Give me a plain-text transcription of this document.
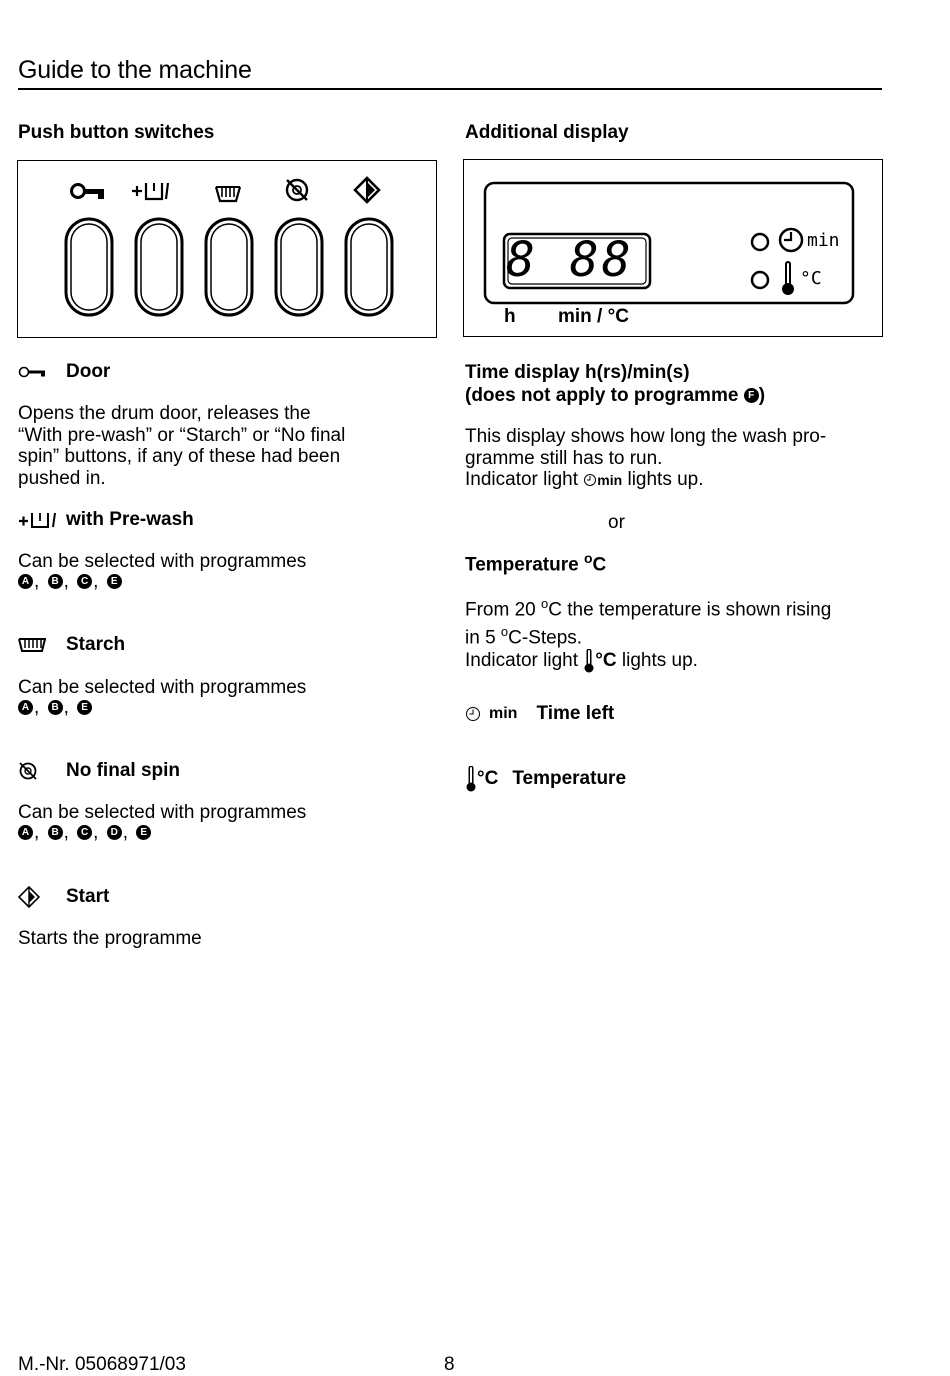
Guide to the machine
Push button switches	Additional display
8 88	min
°C
h min / °C
Door
Opens the drum door, releases the
“With pre-wash” or “Starch” or “No final
spin” buttons, if any of these had been
pushed in.
with Pre-wash
Can be selected with programmes
A , B , C , E
Starch
Can be selected with programmes
A , B , E
No final spin
Can be selected with programmes
A , B , C , D , E
Start
Starts the programme
Time display h(rs)/min(s)
(does not apply to programme F )
This display shows how long the wash pro-
gramme still has to run.
Indicator light min lights up.
or
Temperature $^o$C
From 20 $^o$C the temperature is shown rising
in 5 $^o$C-Steps.
Indicator light °C lights up.
min Time left
°C Temperature
M.-Nr. 05068971/03	8
